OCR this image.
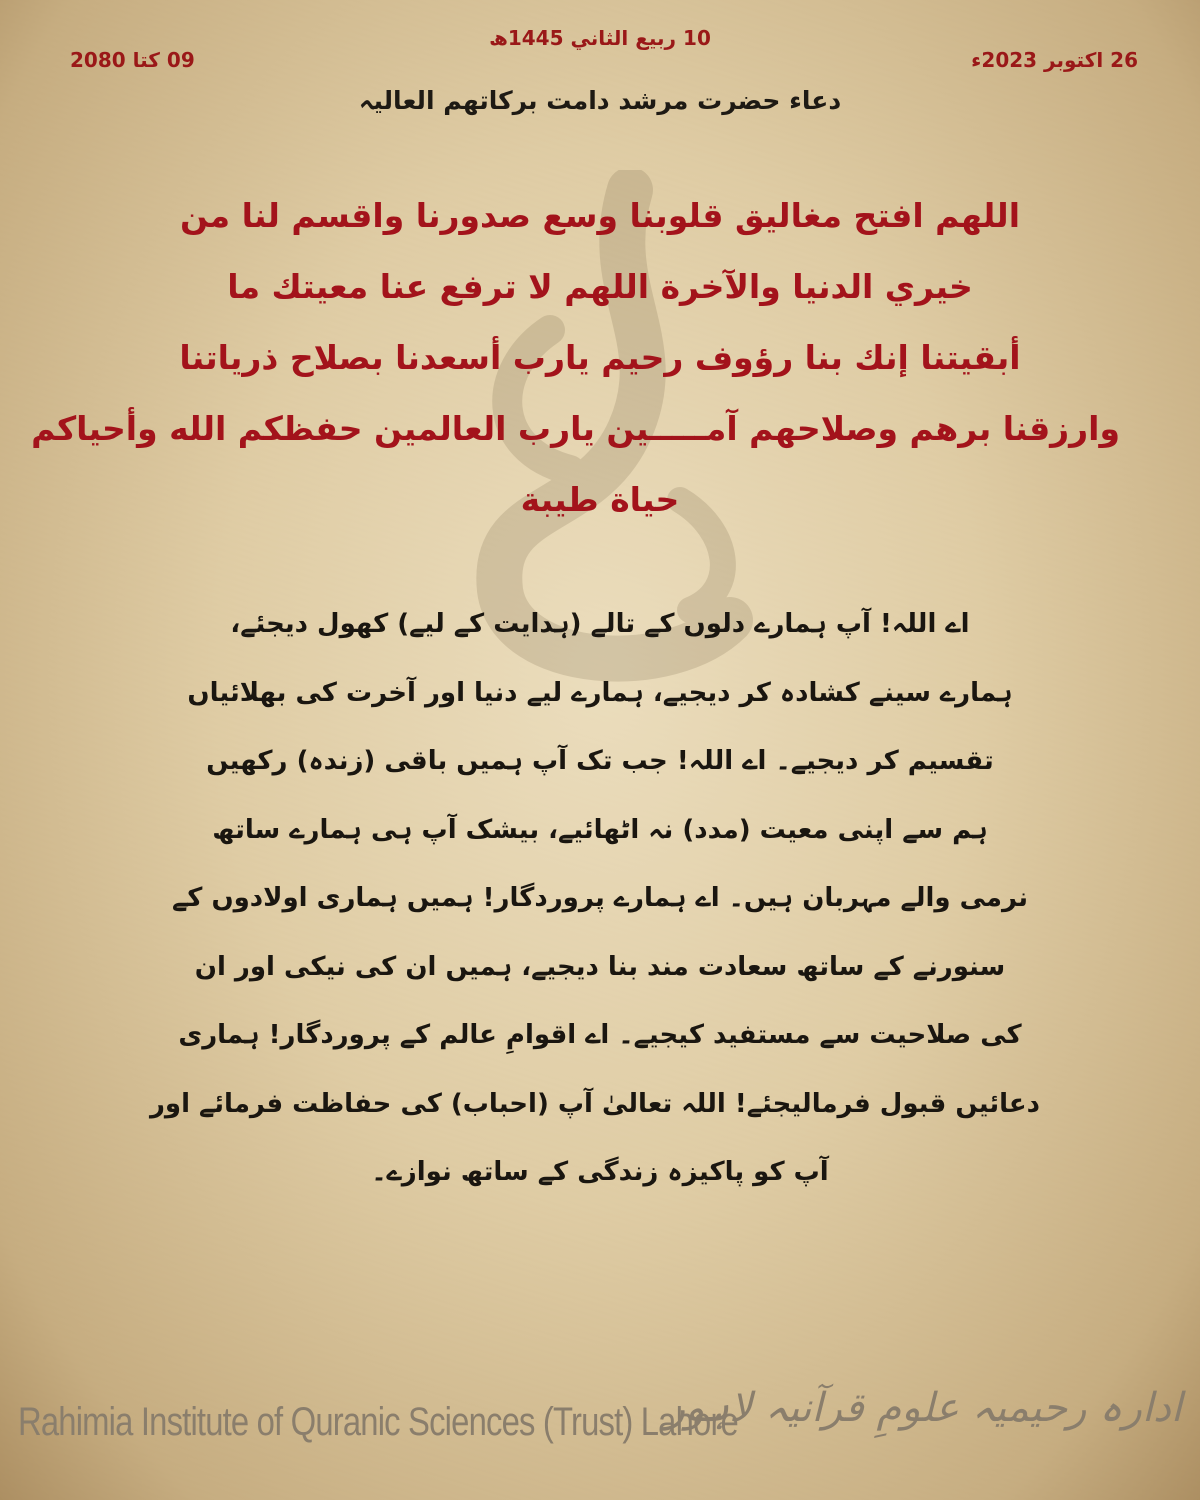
10 ربيع الثاني 1445ھ
09 کتا 2080	26 اکتوبر 2023ء
دعاء حضرت مرشد دامت برکاتھم العالیہ
اللهم افتح مغاليق قلوبنا وسع صدورنا واقسم لنا من
خيري الدنيا والآخرة اللهم لا ترفع عنا معيتك ما
أبقيتنا إنك بنا رؤوف رحيم يارب أسعدنا بصلاح ذرياتنا
وارزقنا برهم وصلاحهم آمـــــين يارب العالمين حفظكم الله وأحياكم
حياة طيبة
اے اللہ! آپ ہمارے دلوں کے تالے (ہدایت کے لیے) کھول دیجئے،
ہمارے سینے کشادہ کر دیجیے، ہمارے لیے دنیا اور آخرت کی بھلائیاں
تقسیم کر دیجیے۔ اے اللہ! جب تک آپ ہمیں باقی (زندہ) رکھیں
ہم سے اپنی معیت (مدد) نہ اٹھائیے، بیشک آپ ہی ہمارے ساتھ
نرمی والے مہربان ہیں۔ اے ہمارے پروردگار! ہمیں ہماری اولادوں کے
سنورنے کے ساتھ سعادت مند بنا دیجیے، ہمیں ان کی نیکی اور ان
کی صلاحیت سے مستفید کیجیے۔ اے اقوامِ عالم کے پروردگار! ہماری
دعائیں قبول فرمالیجئے! اللہ تعالیٰ آپ (احباب) کی حفاظت فرمائے اور
آپ کو پاکیزہ زندگی کے ساتھ نوازے۔
Rahimia Institute of Quranic Sciences (Trust) Lahore
ادارہ رحیمیہ علومِ قرآنیہ لاہور
